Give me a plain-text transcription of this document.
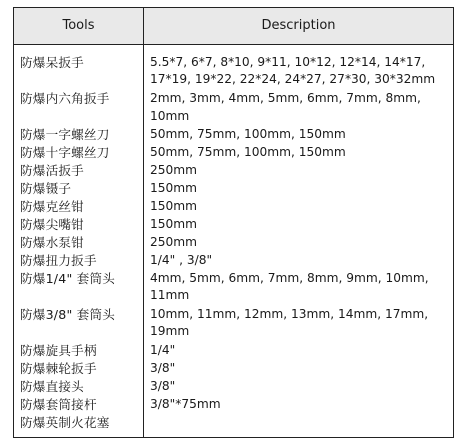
Tools	Description
防爆呆扳手	5.5*7, 6*7, 8*10, 9*11, 10*12, 12*14, 14*17, 17*19, 19*22, 22*24, 24*27, 27*30, 30*32mm
防爆内六角扳手	2mm, 3mm, 4mm, 5mm, 6mm, 7mm, 8mm, 10mm
防爆一字螺丝刀	50mm, 75mm, 100mm, 150mm
防爆十字螺丝刀	50mm, 75mm, 100mm, 150mm
防爆活扳手	250mm
防爆镊子	150mm
防爆克丝钳	150mm
防爆尖嘴钳	150mm
防爆水泵钳	250mm
防爆扭力扳手	1/4" , 3/8"
防爆1/4" 套筒头	4mm, 5mm, 6mm, 7mm, 8mm, 9mm, 10mm, 11mm
防爆3/8" 套筒头	10mm, 11mm, 12mm, 13mm, 14mm, 17mm, 19mm
防爆旋具手柄	1/4"
防爆棘轮扳手	3/8"
防爆直接头	3/8"
防爆套筒接杆	3/8"*75mm
防爆英制火花塞	
